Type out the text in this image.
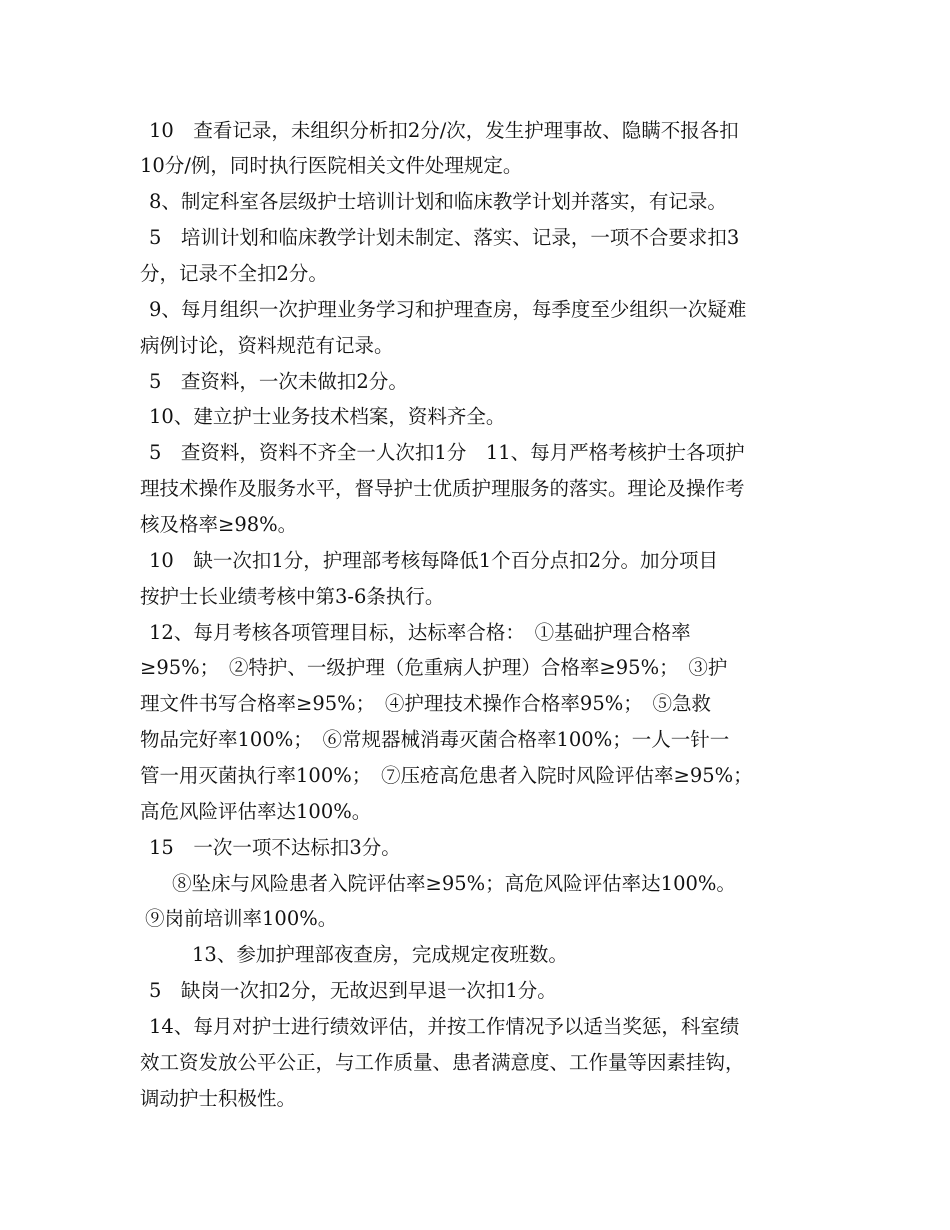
10　查看记录，未组织分析扣2分/次，发生护理事故、隐瞒不报各扣
10分/例，同时执行医院相关文件处理规定。
8、制定科室各层级护士培训计划和临床教学计划并落实，有记录。
5　培训计划和临床教学计划未制定、落实、记录，一项不合要求扣3
分，记录不全扣2分。
9、每月组织一次护理业务学习和护理查房，每季度至少组织一次疑难
病例讨论，资料规范有记录。
5　查资料，一次未做扣2分。
10、建立护士业务技术档案，资料齐全。
5　查资料，资料不齐全一人次扣1分　11、每月严格考核护士各项护
理技术操作及服务水平，督导护士优质护理服务的落实。理论及操作考
核及格率≥98%。
10　缺一次扣1分，护理部考核每降低1个百分点扣2分。加分项目
按护士长业绩考核中第3-6条执行。
12、每月考核各项管理目标，达标率合格：　①基础护理合格率
≥95%；　②特护、一级护理（危重病人护理）合格率≥95%；　③护
理文件书写合格率≥95%；　④护理技术操作合格率95%；　⑤急救
物品完好率100%；　⑥常规器械消毒灭菌合格率100%；一人一针一
管一用灭菌执行率100%；　⑦压疮高危患者入院时风险评估率≥95%；
高危风险评估率达100%。
15　一次一项不达标扣3分。
⑧坠床与风险患者入院评估率≥95%；高危风险评估率达100%。
⑨岗前培训率100%。
13、参加护理部夜查房，完成规定夜班数。
5　缺岗一次扣2分，无故迟到早退一次扣1分。
14、每月对护士进行绩效评估，并按工作情况予以适当奖惩，科室绩
效工资发放公平公正，与工作质量、患者满意度、工作量等因素挂钩，
调动护士积极性。
